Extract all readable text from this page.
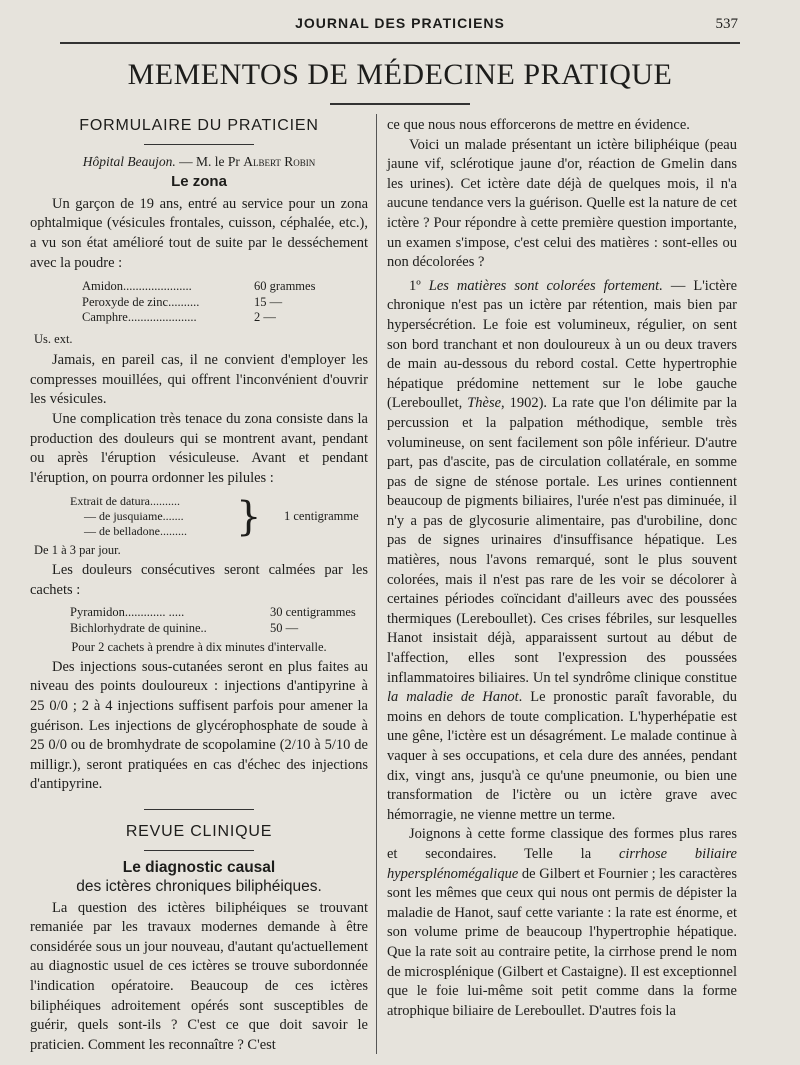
JOURNAL DES PRATICIENS	537
MEMENTOS DE MÉDECINE PRATIQUE
FORMULAIRE DU PRATICIEN

Hôpital Beaujon. — M. le Pr Albert Robin

Le zona

Un garçon de 19 ans, entré au service pour un zona ophtalmique (vésicules frontales, cuisson, céphalée, etc.), a vu son état amélioré tout de suite par le desséchement avec la poudre :

Amidon......................	60 grammes
Peroxyde de zinc..........	15 —
Camphre......................	2 —
Us. ext.

Jamais, en pareil cas, il ne convient d'employer les compresses mouillées, qui offrent l'inconvénient d'ouvrir les vésicules.

Une complication très tenace du zona consiste dans la production des douleurs qui se montrent avant, pendant ou après l'éruption vésiculeuse. Avant et pendant l'éruption, on pourra ordonner les pilules :

Extrait de datura..........
— de jusquiame.......
— de belladone.........	} 1 centigramme
De 1 à 3 par jour.

Les douleurs consécutives seront calmées par les cachets :

Pyramidon............. .....	30 centigrammes
Bichlorhydrate de quinine..	50 —
Pour 2 cachets à prendre à dix minutes d'intervalle.

Des injections sous-cutanées seront en plus faites au niveau des points douloureux : injections d'antipyrine à 25 0/0 ; 2 à 4 injections suffisent parfois pour amener la guérison. Les injections de glycérophosphate de soude à 25 0/0 ou de bromhydrate de scopolamine (2/10 à 5/10 de milligr.), seront pratiquées en cas d'échec des injections d'antipyrine.

REVUE CLINIQUE
Le diagnostic causal
des ictères chroniques biliphéiques.

La question des ictères biliphéiques se trouvant remaniée par les travaux modernes demande à être considérée sous un jour nouveau, d'autant qu'actuellement au diagnostic usuel de ces ictères se trouve subordonnée l'indication opératoire. Beaucoup de ces ictères biliphéiques adroitement opérés sont susceptibles de guérir, quels sont-ils ? C'est ce que doit savoir le praticien. Comment les reconnaître ? C'est

ce que nous nous efforcerons de mettre en évidence.

Voici un malade présentant un ictère biliphéique (peau jaune vif, sclérotique jaune d'or, réaction de Gmelin dans les urines). Cet ictère date déjà de quelques mois, il n'a aucune tendance vers la guérison. Quelle est la nature de cet ictère ? Pour répondre à cette première question importante, un examen s'impose, c'est celui des matières : sont-elles ou non décolorées ?

1º Les matières sont colorées fortement. — L'ictère chronique n'est pas un ictère par rétention, mais bien par hypersécrétion. Le foie est volumineux, régulier, on sent son bord tranchant et non douloureux à un ou deux travers de main au-dessous du rebord costal. Cette hypertrophie hépatique prédomine nettement sur le lobe gauche (Lereboullet, Thèse, 1902). La rate que l'on délimite par la percussion et la palpation méthodique, semble très volumineuse, on sent facilement son pôle inférieur. D'autre part, pas d'ascite, pas de circulation collatérale, en somme pas de signe de sténose portale. Les urines contiennent beaucoup de pigments biliaires, l'urée n'est pas diminuée, il n'y a pas de glycosurie alimentaire, pas d'urobiline, donc pas de signes urinaires d'insuffisance hépatique. Les matières, nous l'avons remarqué, sont le plus souvent colorées, mais il n'est pas rare de les voir se décolorer à certaines périodes coïncidant d'ailleurs avec des poussées thermiques (Lereboullet). Ces crises fébriles, sur lesquelles Hanot insistait déjà, apparaissent surtout au début de l'affection, elles sont l'expression des poussées inflammatoires biliaires. Un tel syndrôme clinique constitue la maladie de Hanot. Le pronostic paraît favorable, du moins en dehors de toute complication. L'hyperhépatie est une gêne, l'ictère est un désagrément. Le malade continue à vaquer à ses occupations, et cela dure des années, pendant dix, vingt ans, jusqu'à ce qu'une pneumonie, ou bien une transformation de l'ictère ou un ictère grave avec hémorragie, ne vienne mettre un terme.

Joignons à cette forme classique des formes plus rares et secondaires. Telle la cirrhose biliaire hypersplénomégalique de Gilbert et Fournier ; les caractères sont les mêmes que ceux qui nous ont permis de dépister la maladie de Hanot, sauf cette variante : la rate est énorme, et son volume prime de beaucoup l'hypertrophie hépatique. Que la rate soit au contraire petite, la cirrhose prend le nom de microsplénique (Gilbert et Castaigne). Il est exceptionnel que le foie lui-même soit petit comme dans la forme atrophique biliaire de Lereboullet. D'autres fois la
